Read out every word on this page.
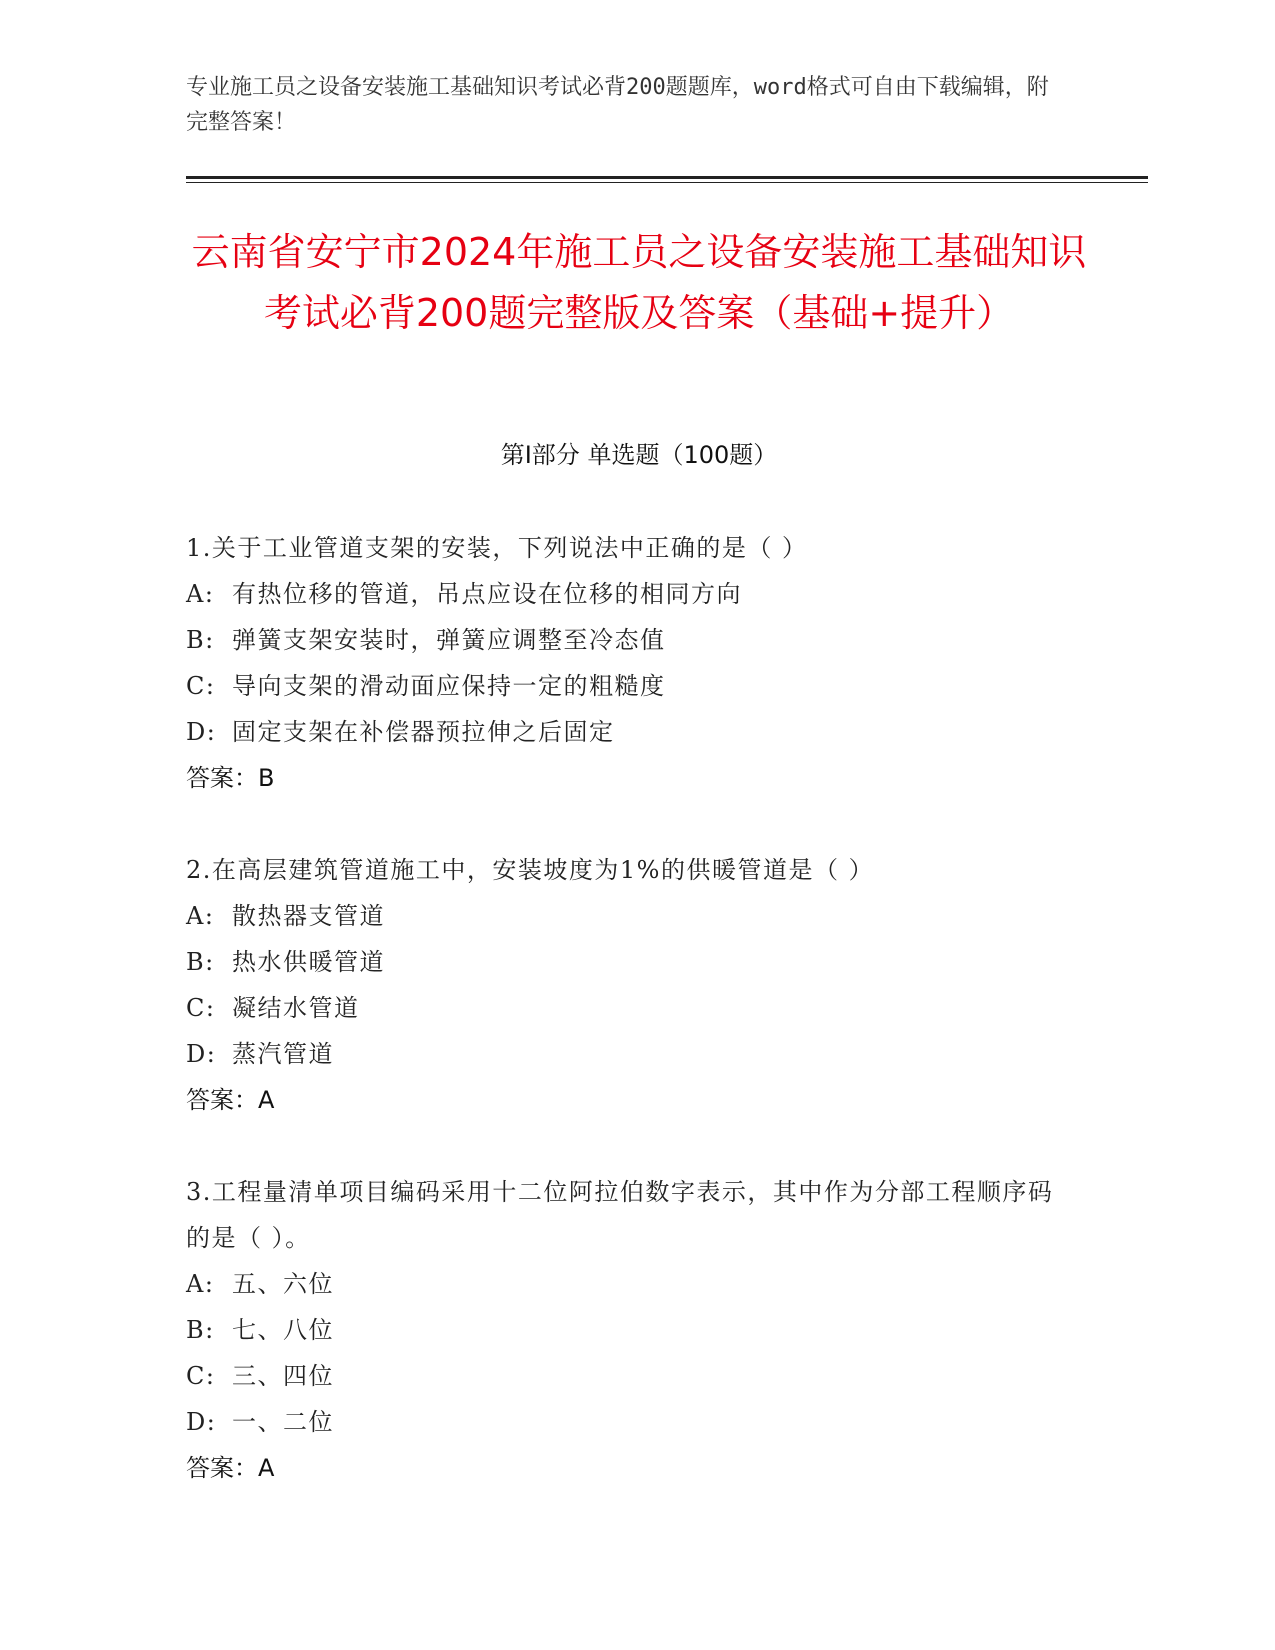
专业施工员之设备安装施工基础知识考试必背200题题库，word格式可自由下载编辑，附完整答案！
云南省安宁市2024年施工员之设备安装施工基础知识考试必背200题完整版及答案（基础+提升）
第Ⅰ部分 单选题（100题）
1.关于工业管道支架的安装，下列说法中正确的是（ ）
A: 有热位移的管道，吊点应设在位移的相同方向
B: 弹簧支架安装时，弹簧应调整至冷态值
C: 导向支架的滑动面应保持一定的粗糙度
D: 固定支架在补偿器预拉伸之后固定
答案：B
2.在高层建筑管道施工中，安装坡度为1%的供暖管道是（ ）
A: 散热器支管道
B: 热水供暖管道
C: 凝结水管道
D: 蒸汽管道
答案：A
3.工程量清单项目编码采用十二位阿拉伯数字表示，其中作为分部工程顺序码的是（ ）。
A: 五、六位
B: 七、八位
C: 三、四位
D: 一、二位
答案：A
